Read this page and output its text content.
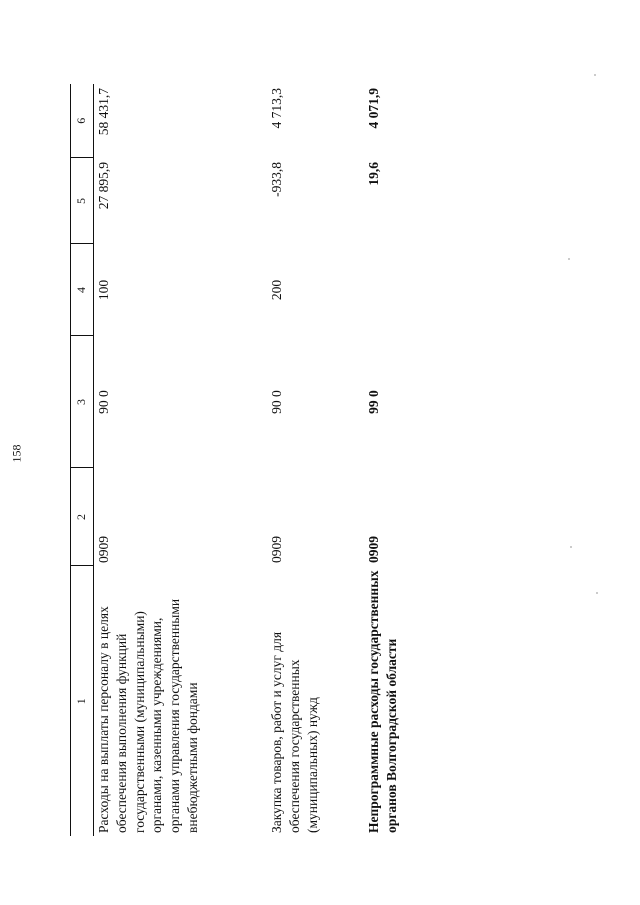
158
1	2	3	4	5	6
Расходы на выплаты персоналу в целях обеспечения выполнения функций государственными (муниципальными) органами, казенными учреждениями, органами управления государственными внебюджетными фондами	0909	90 0	100	27 895,9	58 431,7
Закупка товаров, работ и услуг для обеспечения государственных (муниципальных) нужд	0909	90 0	200	-933,8	4 713,3
Непрограммные расходы государственных органов Волгоградской области	0909	99 0		19,6	4 071,9
